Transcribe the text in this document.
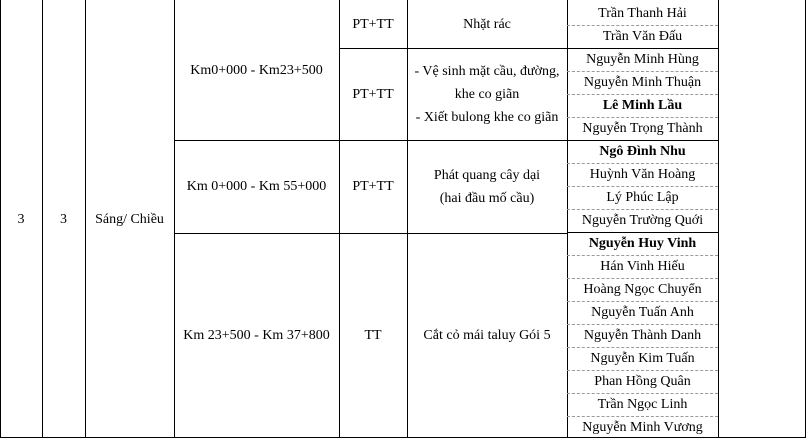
3	3	Sáng/ Chiều
Km0+000 - Km23+500
Km 0+000 - Km 55+000
Km 23+500 - Km 37+800
PT+TT
PT+TT
PT+TT
TT
Nhặt rác
- Vệ sinh mặt cầu, đường,
khe co giãn
- Xiết bulong khe co giãn
Phát quang cây dại
(hai đầu mố cầu)
Cắt cỏ mái taluy Gói 5
Trần Thanh Hải
Trần Văn Đấu
Nguyễn Minh Hùng
Nguyễn Minh Thuận
Lê Minh Lầu
Nguyễn Trọng Thành
Ngô Đình Nhu
Huỳnh Văn Hoàng
Lý Phúc Lập
Nguyễn Trường Quới
Nguyễn Huy Vinh
Hán Vinh Hiếu
Hoàng Ngọc Chuyển
Nguyễn Tuấn Anh
Nguyễn Thành Danh
Nguyễn Kim Tuấn
Phan Hồng Quân
Trần Ngọc Linh
Nguyễn Minh Vương
